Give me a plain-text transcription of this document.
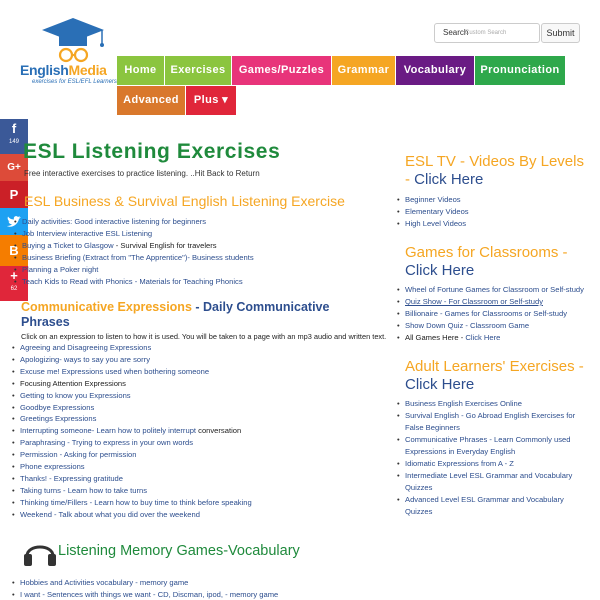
EnglishMedia
exercises for ESL/EFL Learners
Search
Custom Search	Submit
Home	Exercises	Games/Puzzles	Grammar	Vocabulary	Pronunciation
Advanced	Plus ▾
f
149
G+
P
B
+
62
ESL Listening Exercises
Free interactive exercises to practice listening. ..Hit Back to Return
ESL Business & Survival English Listening Exercise
• Daily activities: Good interactive listening for beginners
• Job Interview interactive ESL Listening
• Buying a Ticket to Glasgow - Survival English for travelers
• Business Briefing (Extract from "The Apprentice")- Business students
• Planning a Poker night
• Teach Kids to Read with Phonics - Materials for Teaching Phonics
Communicative Expressions - Daily Communicative
Phrases
Click on an expression to listen to how it is used. You will be taken to a page with an mp3 audio and written text.
• Agreeing and Disagreeing Expressions
• Apologizing- ways to say you are sorry
• Excuse me! Expressions used when bothering someone
• Focusing Attention Expressions
• Getting to know you Expressions
• Goodbye Expressions
• Greetings Expressions
• Interrupting someone- Learn how to politely interrupt conversation
• Paraphrasing - Trying to express in your own words
• Permission - Asking for permission
• Phone expressions
• Thanks! - Expressing gratitude
• Taking turns - Learn how to take turns
• Thinking time/Fillers - Learn how to buy time to think before speaking
• Weekend - Talk about what you did over the weekend
Listening Memory Games-Vocabulary
• Hobbies and Activities vocabulary - memory game
• I want - Sentences with things we want - CD, Discman, ipod, - memory game
ESL TV - Videos By Levels - Click Here
• Beginner Videos
• Elementary Videos
• High Level Videos
Games for Classrooms -
Click Here
• Wheel of Fortune Games for Classroom or Self-study
• Quiz Show - For Classroom or Self-study
• Billionaire - Games for Classrooms or Self-study
• Show Down Quiz - Classroom Game
• All Games Here - Click Here
Adult Learners' Exercises -
Click Here
• Business English Exercises Online
• Survival English - Go Abroad English Exercises for False Beginners
• Communicative Phrases - Learn Commonly used Expressions in Everyday English
• Idiomatic Expressions from A - Z
• Intermediate Level ESL Grammar and Vocabulary Quizzes
• Advanced Level ESL Grammar and Vocabulary Quizzes
